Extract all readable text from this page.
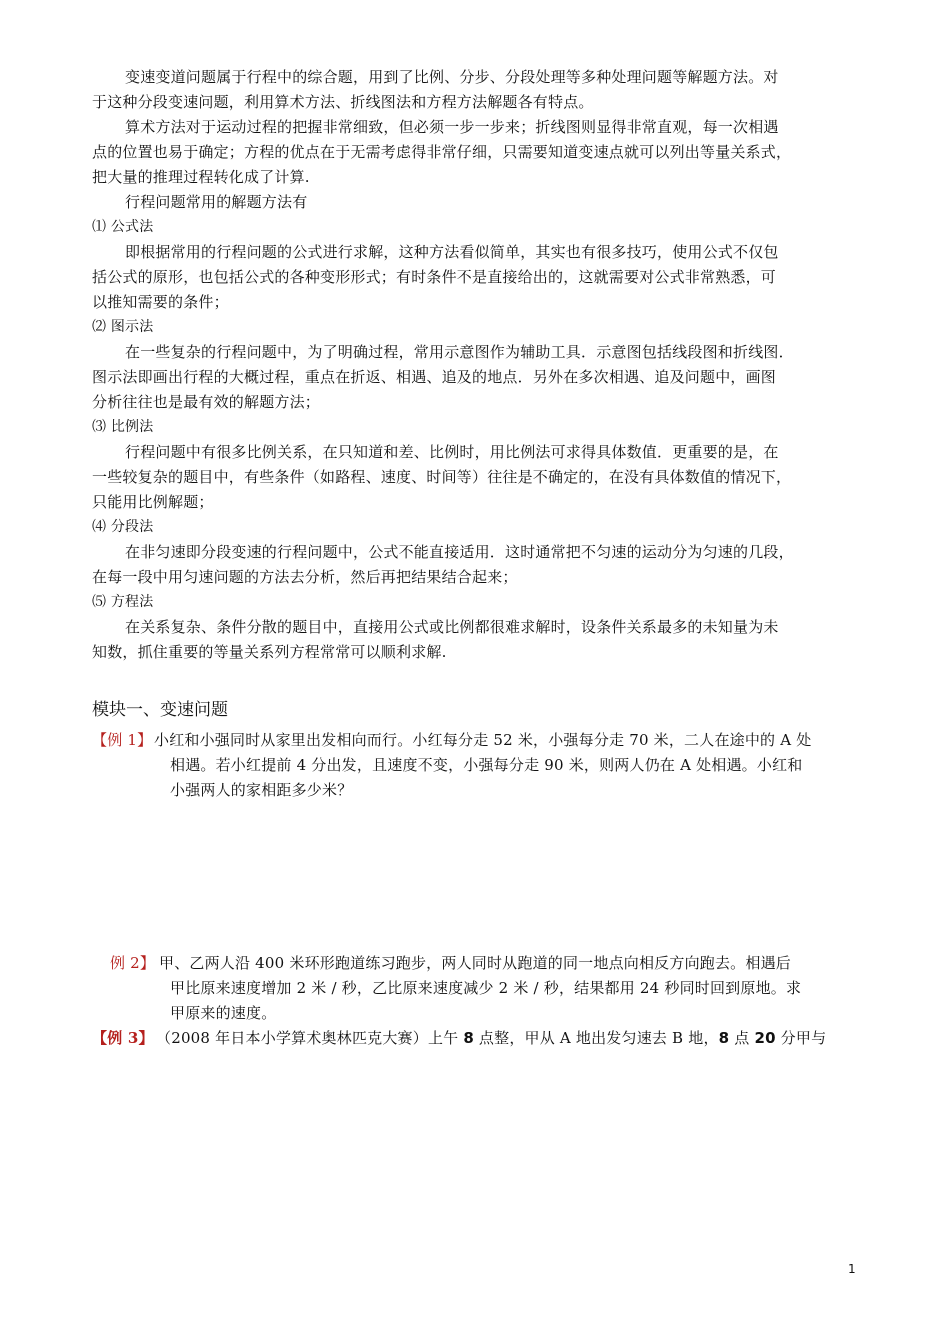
变速变道问题属于行程中的综合题，用到了比例、分步、分段处理等多种处理问题等解题方法。对
于这种分段变速问题，利用算术方法、折线图法和方程方法解题各有特点。
算术方法对于运动过程的把握非常细致，但必须一步一步来；折线图则显得非常直观，每一次相遇
点的位置也易于确定；方程的优点在于无需考虑得非常仔细，只需要知道变速点就可以列出等量关系式，
把大量的推理过程转化成了计算.
行程问题常用的解题方法有
⑴ 公式法
即根据常用的行程问题的公式进行求解，这种方法看似简单，其实也有很多技巧，使用公式不仅包
括公式的原形，也包括公式的各种变形形式；有时条件不是直接给出的，这就需要对公式非常熟悉，可
以推知需要的条件；
⑵ 图示法
在一些复杂的行程问题中，为了明确过程，常用示意图作为辅助工具．示意图包括线段图和折线图．
图示法即画出行程的大概过程，重点在折返、相遇、追及的地点．另外在多次相遇、追及问题中，画图
分析往往也是最有效的解题方法；
⑶ 比例法
行程问题中有很多比例关系，在只知道和差、比例时，用比例法可求得具体数值．更重要的是，在
一些较复杂的题目中，有些条件（如路程、速度、时间等）往往是不确定的，在没有具体数值的情况下，
只能用比例解题；
⑷ 分段法
在非匀速即分段变速的行程问题中，公式不能直接适用．这时通常把不匀速的运动分为匀速的几段，
在每一段中用匀速问题的方法去分析，然后再把结果结合起来；
⑸ 方程法
在关系复杂、条件分散的题目中，直接用公式或比例都很难求解时，设条件关系最多的未知量为未
知数，抓住重要的等量关系列方程常常可以顺利求解.
模块一、变速问题
【例 1】 小红和小强同时从家里出发相向而行。小红每分走 52 米，小强每分走 70 米，二人在途中的 A 处
相遇。若小红提前 4 分出发，且速度不变，小强每分走 90 米，则两人仍在 A 处相遇。小红和
小强两人的家相距多少米？
例 2】 甲、乙两人沿 400 米环形跑道练习跑步，两人同时从跑道的同一地点向相反方向跑去。相遇后
甲比原来速度增加 2 米 / 秒，乙比原来速度减少 2 米 / 秒，结果都用 24 秒同时回到原地。求
甲原来的速度。
【例 3】 （2008 年日本小学算术奥林匹克大赛）上午 8 点整，甲从 A 地出发匀速去 B 地，8 点 20 分甲与
1
